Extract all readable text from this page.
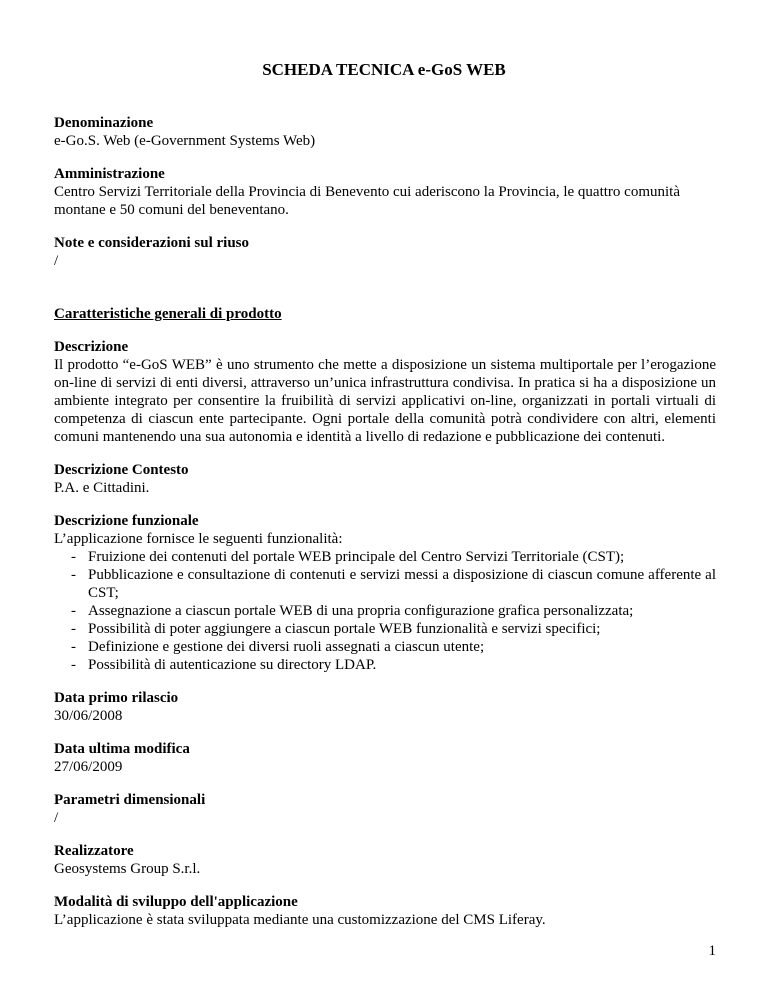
SCHEDA TECNICA e-GoS WEB

Denominazione

e-Go.S. Web (e-Government Systems Web)

Amministrazione

Centro Servizi Territoriale della Provincia di Benevento cui aderiscono la Provincia, le quattro comunità montane e 50 comuni del beneventano.

Note e considerazioni sul riuso

/

Caratteristiche generali di prodotto

Descrizione

Il prodotto “e-GoS WEB” è uno strumento che mette a disposizione un sistema multiportale per l’erogazione on-line di servizi di enti diversi, attraverso un’unica infrastruttura condivisa. In pratica si ha a disposizione un ambiente integrato per consentire la fruibilità di servizi applicativi on-line, organizzati in portali virtuali di competenza di ciascun ente partecipante. Ogni portale della comunità potrà condividere con altri, elementi comuni mantenendo una sua autonomia e identità a livello di redazione e pubblicazione dei contenuti.

Descrizione Contesto

P.A. e Cittadini.

Descrizione funzionale

L’applicazione fornisce le seguenti funzionalità:

- Fruizione dei contenuti del portale WEB principale del Centro Servizi Territoriale (CST);
- Pubblicazione e consultazione di contenuti e servizi messi a disposizione di ciascun comune afferente al CST;
- Assegnazione a ciascun portale WEB di una propria configurazione grafica personalizzata;
- Possibilità di poter aggiungere a ciascun portale WEB funzionalità e servizi specifici;
- Definizione e gestione dei diversi ruoli assegnati a ciascun utente;
- Possibilità di autenticazione su directory LDAP.

Data primo rilascio

30/06/2008

Data ultima modifica

27/06/2009

Parametri dimensionali

/

Realizzatore

Geosystems Group S.r.l.

Modalità di sviluppo dell'applicazione

L’applicazione è stata sviluppata mediante una customizzazione del CMS Liferay.

1
